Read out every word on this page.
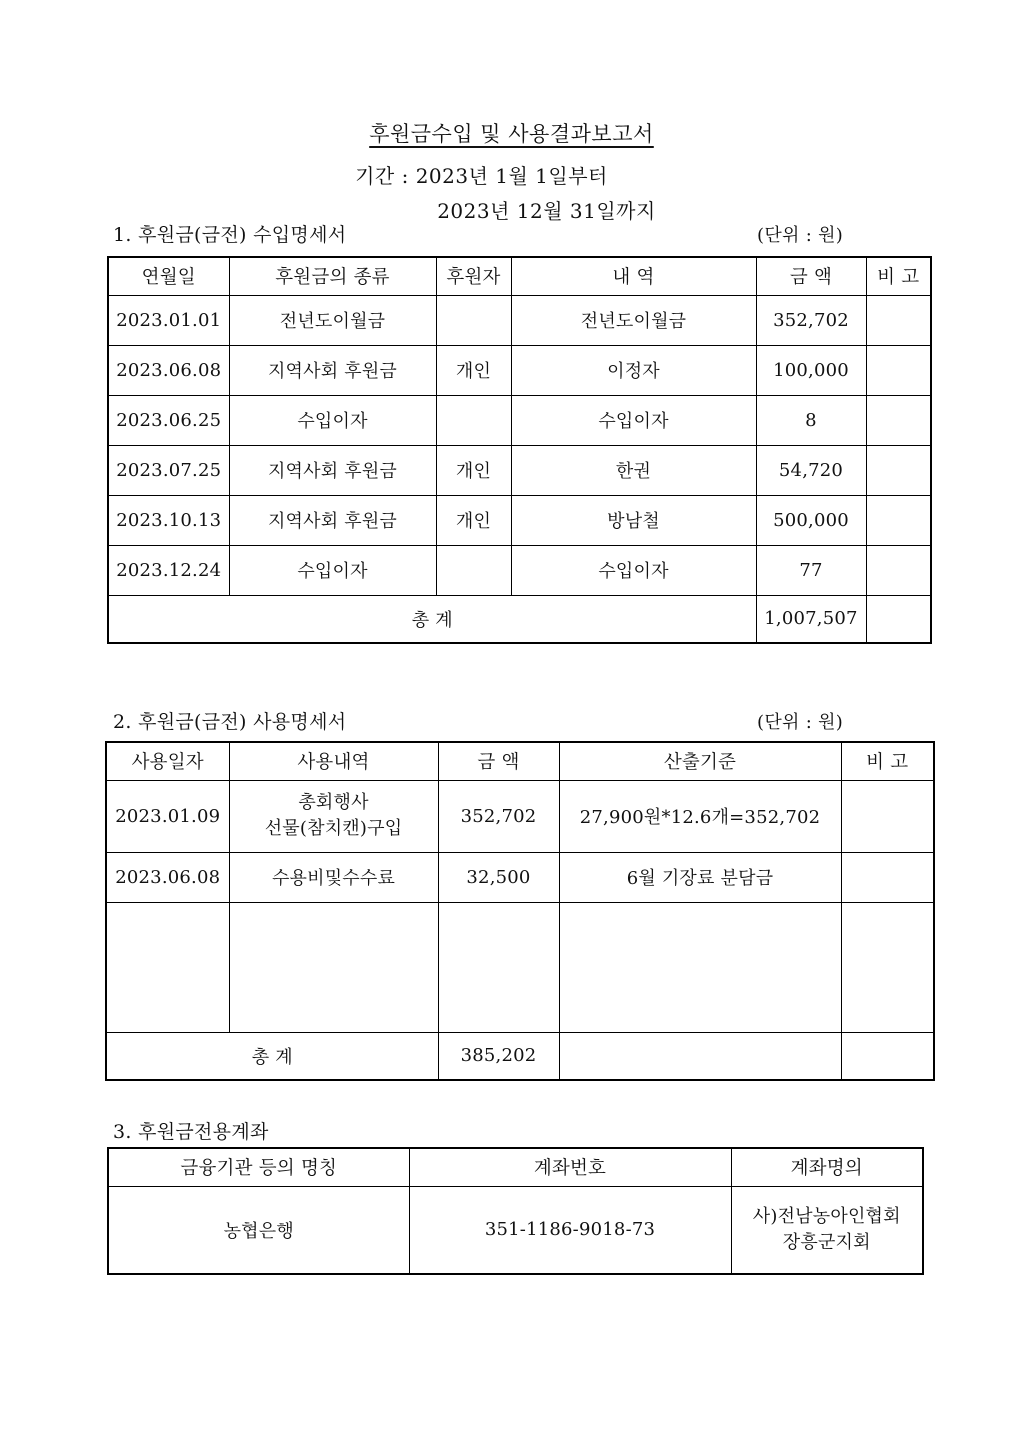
후원금수입 및 사용결과보고서
기간 : 2023년 1월 1일부터
2023년 12월 31일까지
1. 후원금(금전) 수입명세서	(단위 : 원)
연월일	후원금의 종류	후원자	내 역	금 액	비 고
2023.01.01	전년도이월금		전년도이월금	352,702	
2023.06.08	지역사회 후원금	개인	이정자	100,000	
2023.06.25	수입이자		수입이자	8	
2023.07.25	지역사회 후원금	개인	한권	54,720	
2023.10.13	지역사회 후원금	개인	방남철	500,000	
2023.12.24	수입이자		수입이자	77	
총 계				1,007,507	
2. 후원금(금전) 사용명세서	(단위 : 원)
사용일자	사용내역	금 액	산출기준	비 고
2023.01.09	총회행사
선물(참치캔)구입	352,702	27,900원*12.6개=352,702	
2023.06.08	수용비및수수료	32,500	6월 기장료 분담금	

총 계		385,202		
3. 후원금전용계좌
금융기관 등의 명칭	계좌번호	계좌명의
농협은행	351-1186-9018-73	사)전남농아인협회
장흥군지회
